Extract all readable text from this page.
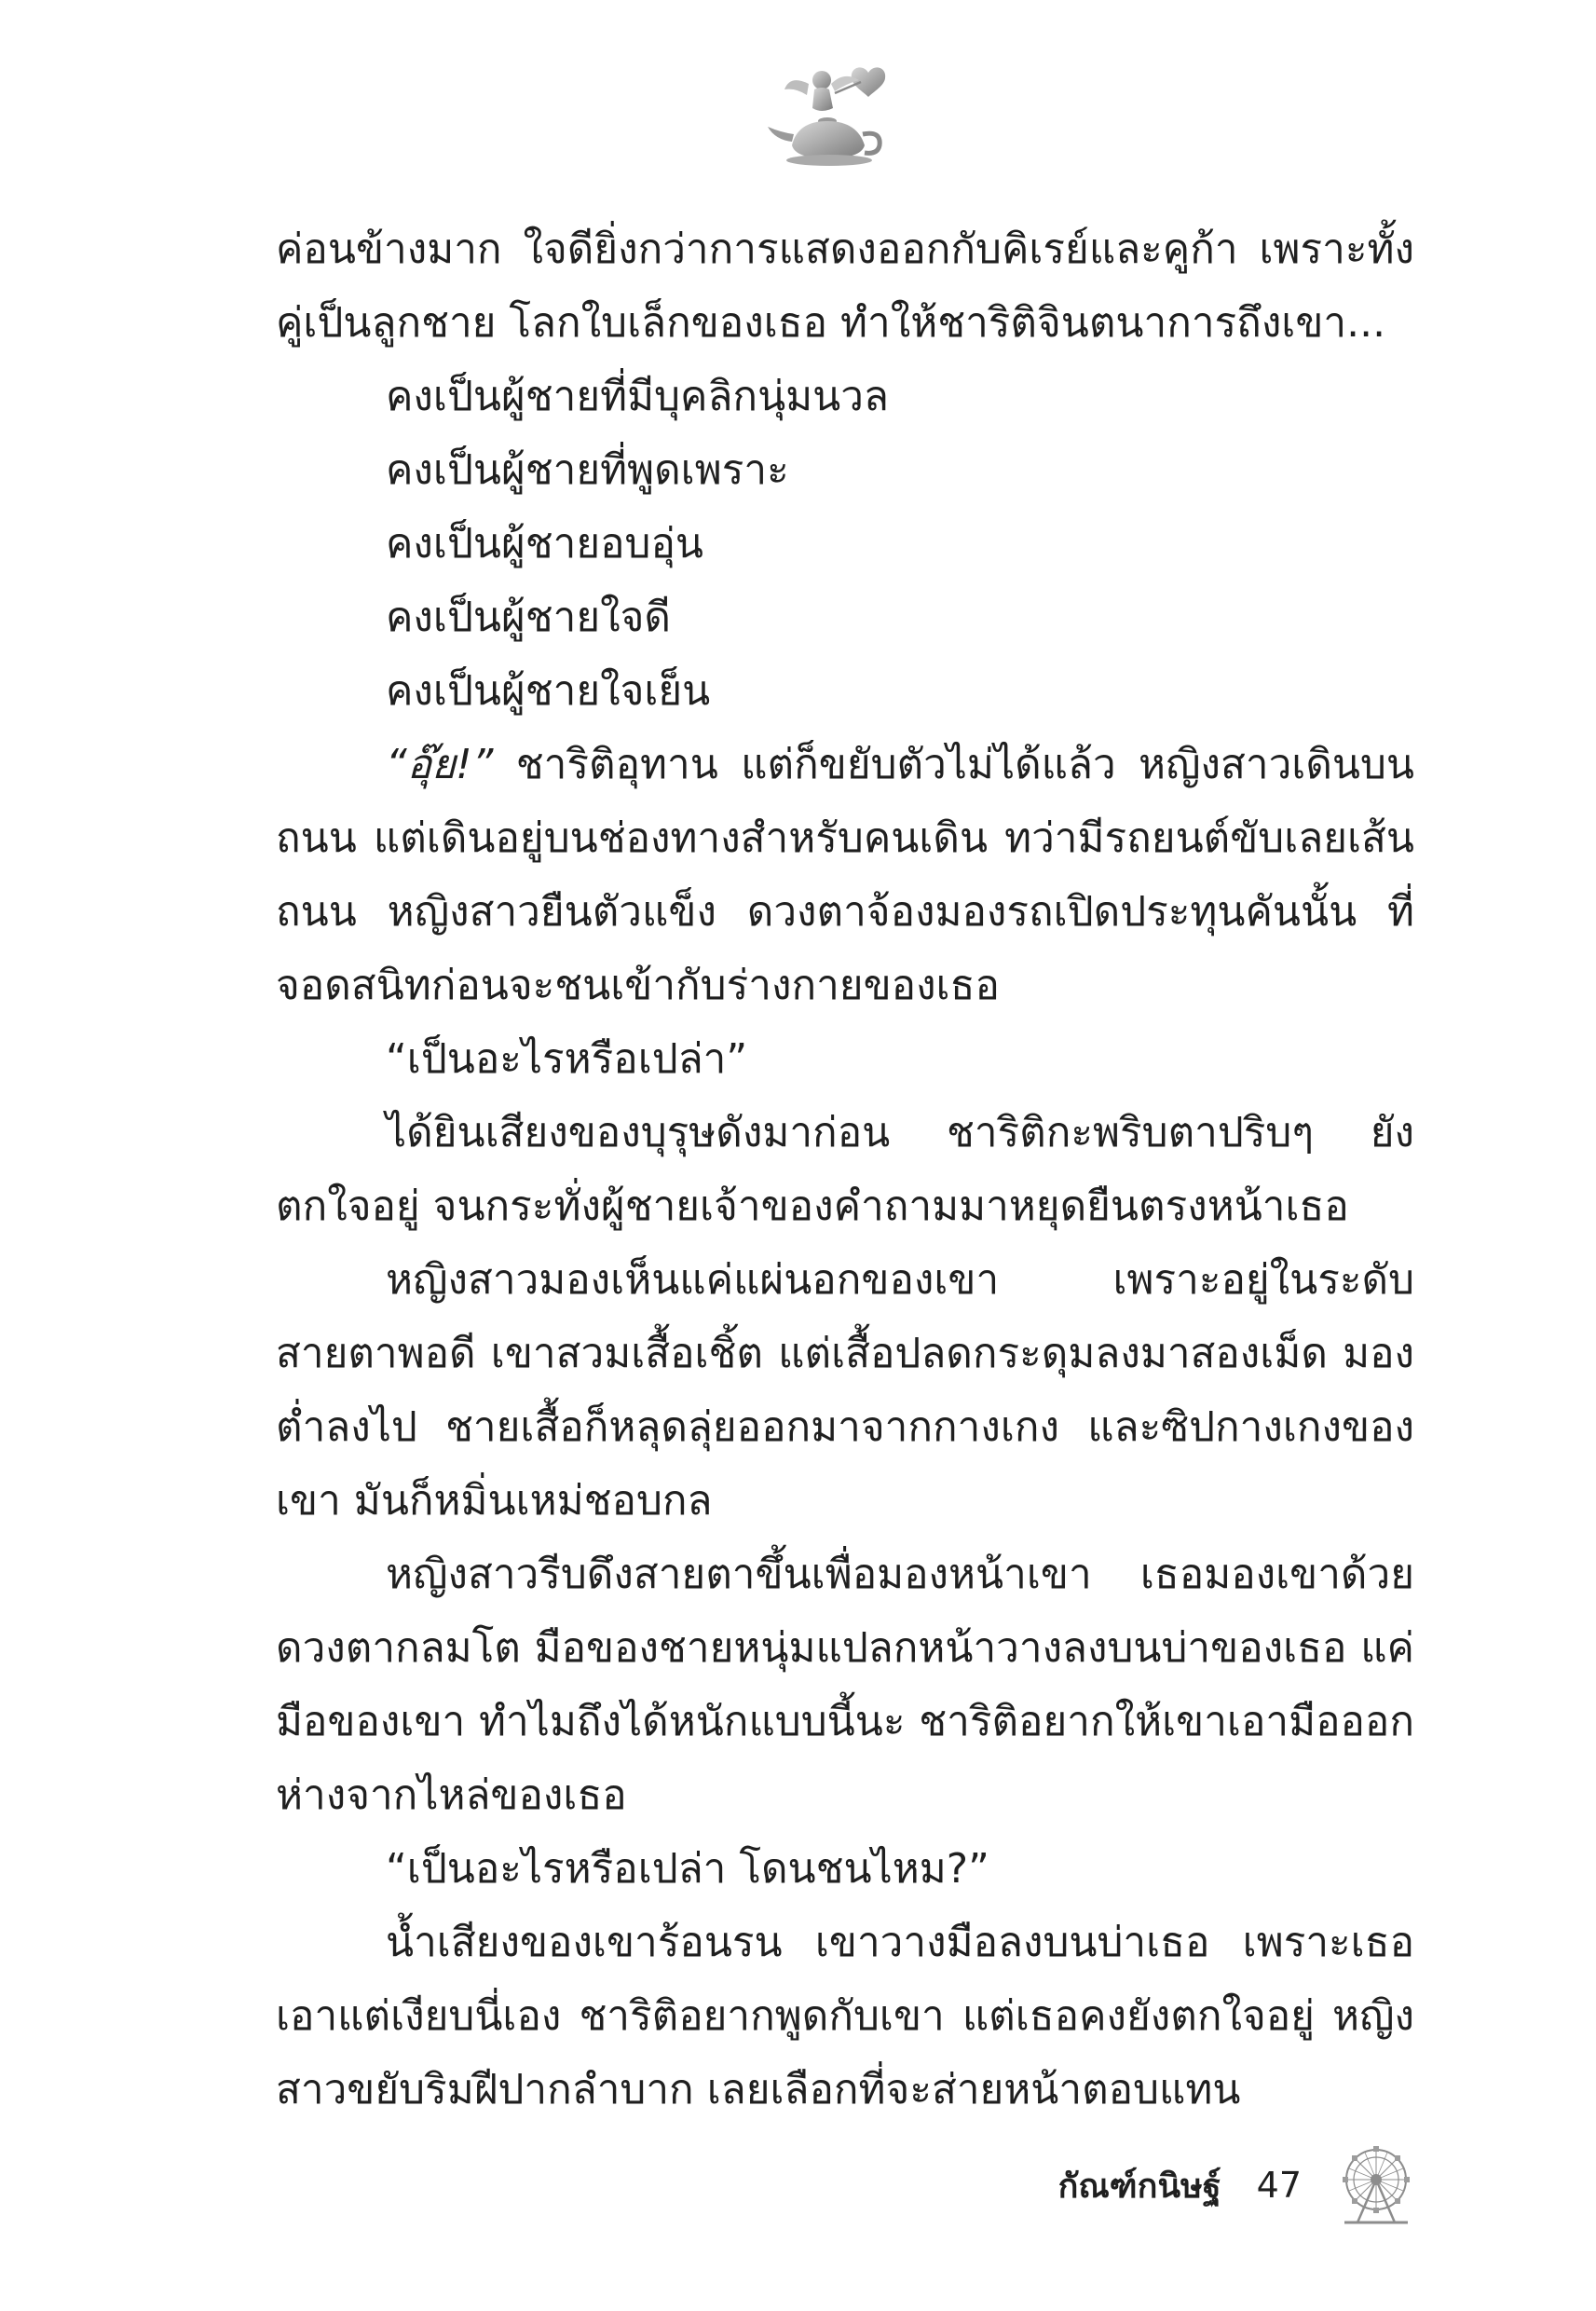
ค่อนข้างมาก ใจดียิ่งกว่าการแสดงออกกับคิเรย์และคูก้า เพราะทั้งคู่เป็นลูกชาย โลกใบเล็กของเธอ ทำให้ชาริติจินตนาการถึงเขา...

คงเป็นผู้ชายที่มีบุคลิกนุ่มนวล

คงเป็นผู้ชายที่พูดเพราะ

คงเป็นผู้ชายอบอุ่น

คงเป็นผู้ชายใจดี

คงเป็นผู้ชายใจเย็น

“อุ๊ย!” ชาริติอุทาน แต่ก็ขยับตัวไม่ได้แล้ว หญิงสาวเดินบนถนน แต่เดินอยู่บนช่องทางสำหรับคนเดิน ทว่ามีรถยนต์ขับเลยเส้นถนน หญิงสาวยืนตัวแข็ง ดวงตาจ้องมองรถเปิดประทุนคันนั้น ที่จอดสนิทก่อนจะชนเข้ากับร่างกายของเธอ

“เป็นอะไรหรือเปล่า”

ได้ยินเสียงของบุรุษดังมาก่อน ชาริติกะพริบตาปริบๆ ยังตกใจอยู่ จนกระทั่งผู้ชายเจ้าของคำถามมาหยุดยืนตรงหน้าเธอ

หญิงสาวมองเห็นแค่แผ่นอกของเขา เพราะอยู่ในระดับสายตาพอดี เขาสวมเสื้อเชิ้ต แต่เสื้อปลดกระดุมลงมาสองเม็ด มองต่ำลงไป ชายเสื้อก็หลุดลุ่ยออกมาจากกางเกง และซิปกางเกงของเขา มันก็หมิ่นเหม่ชอบกล

หญิงสาวรีบดึงสายตาขึ้นเพื่อมองหน้าเขา เธอมองเขาด้วยดวงตากลมโต มือของชายหนุ่มแปลกหน้าวางลงบนบ่าของเธอ แค่มือของเขา ทำไมถึงได้หนักแบบนี้นะ ชาริติอยากให้เขาเอามือออกห่างจากไหล่ของเธอ

“เป็นอะไรหรือเปล่า โดนชนไหม?”

น้ำเสียงของเขาร้อนรน เขาวางมือลงบนบ่าเธอ เพราะเธอเอาแต่เงียบนี่เอง ชาริติอยากพูดกับเขา แต่เธอคงยังตกใจอยู่ หญิงสาวขยับริมฝีปากลำบาก เลยเลือกที่จะส่ายหน้าตอบแทน

กัณฑ์กนิษฐ์ 47
